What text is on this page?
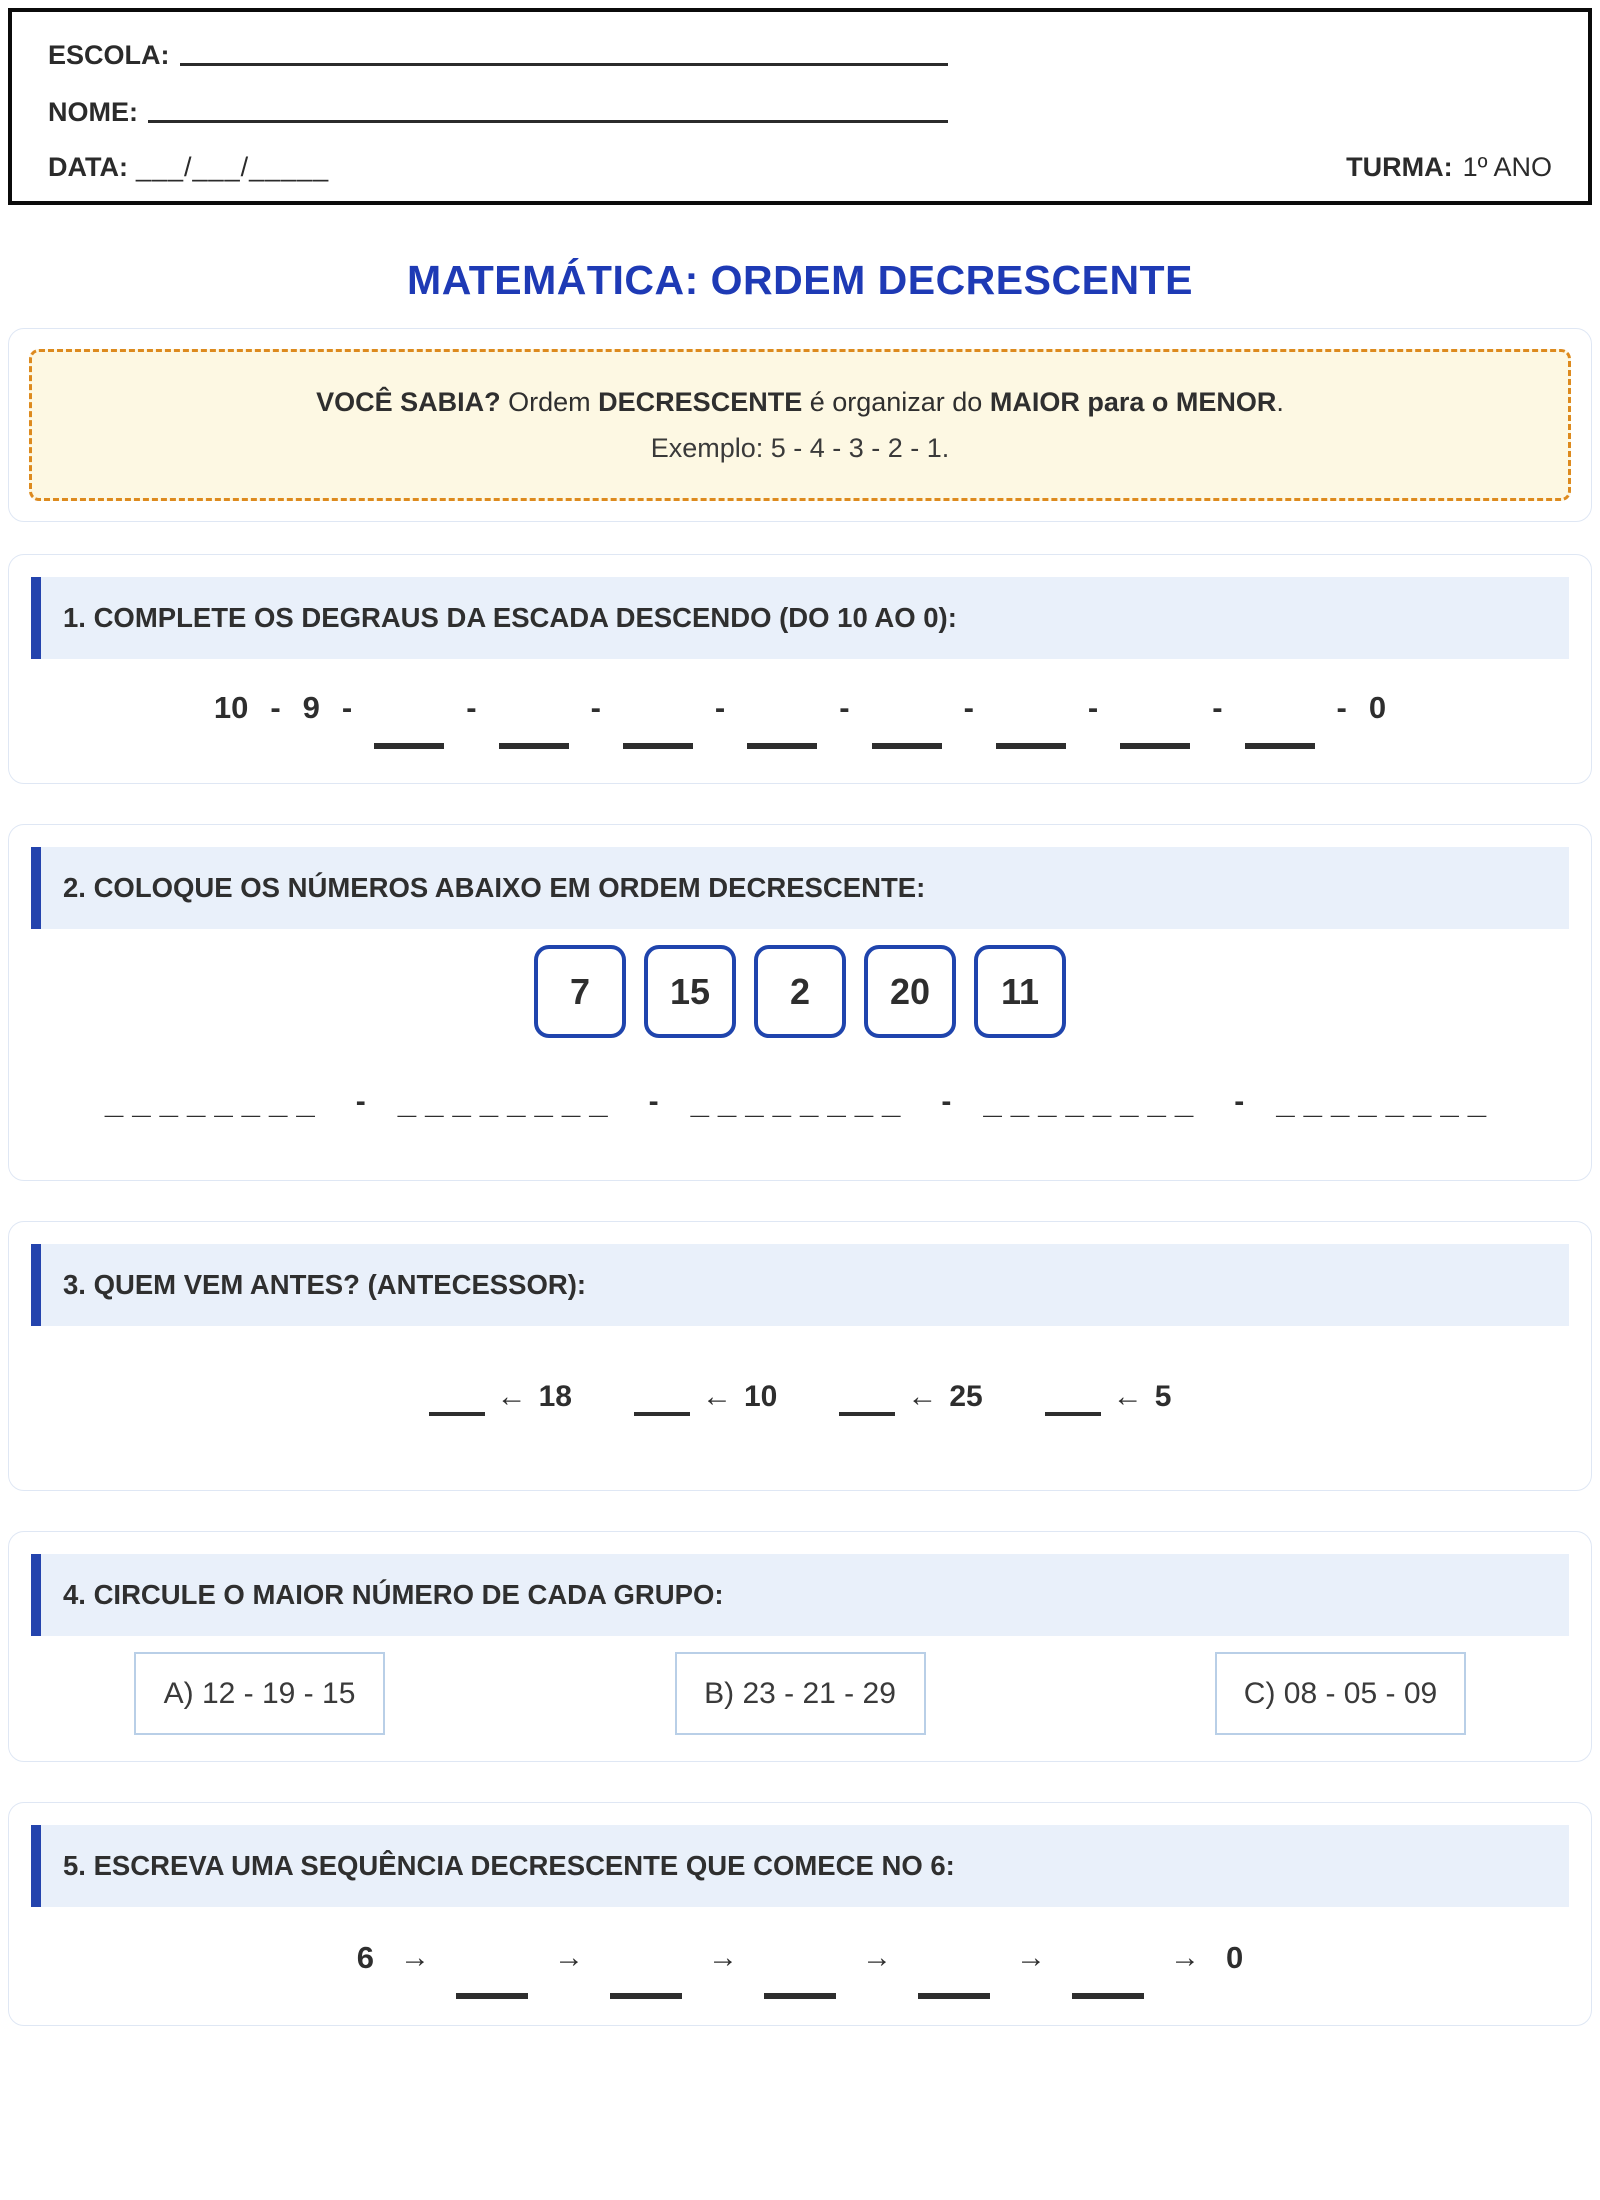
ESCOLA:
NOME:
DATA: ___/___/_____	TURMA: 1º ANO
MATEMÁTICA: ORDEM DECRESCENTE

VOCÊ SABIA? Ordem DECRESCENTE é organizar do MAIOR para o MENOR.

Exemplo: 5 - 4 - 3 - 2 - 1.

1. COMPLETE OS DEGRAUS DA ESCADA DESCENDO (DO 10 AO 0):
10 - 9 -	-	-	-	-	-	-	-	- 0
2. COLOQUE OS NÚMEROS ABAIXO EM ORDEM DECRESCENTE:
7 15 2 20 11
________ - ________ - ________ - ________ - ________
3. QUEM VEM ANTES? (ANTECESSOR):
← 18	← 10	← 25	← 5
4. CIRCULE O MAIOR NÚMERO DE CADA GRUPO:
A) 12 - 19 - 15	B) 23 - 21 - 29	C) 08 - 05 - 09
5. ESCREVA UMA SEQUÊNCIA DECRESCENTE QUE COMECE NO 6:
6 →	→	→	→	→	→ 0
